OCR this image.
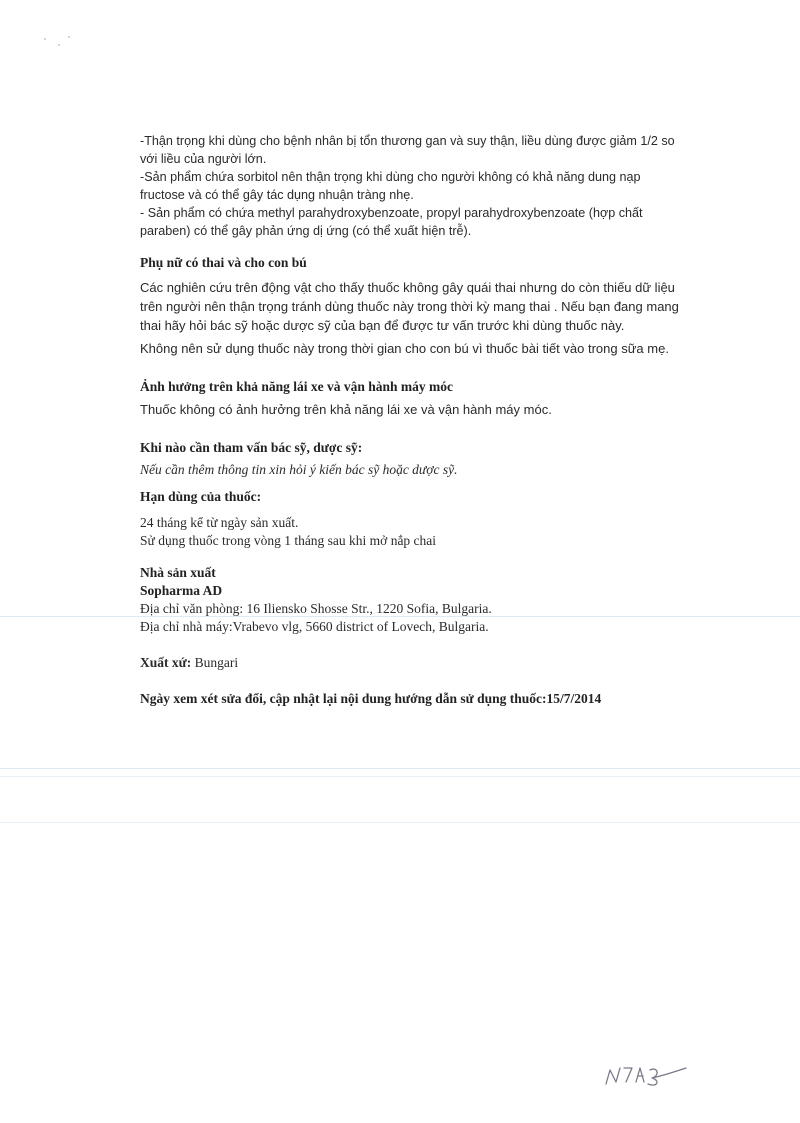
-Thận trọng khi dùng cho bệnh nhân bị tổn thương gan và suy thận, liều dùng được giảm 1/2 so với liều của người lớn.

-Sản phẩm chứa sorbitol nên thận trọng khi dùng cho người không có khả năng dung nạp fructose và có thể gây tác dụng nhuận tràng nhẹ.

- Sản phẩm có chứa methyl parahydroxybenzoate, propyl parahydroxybenzoate (hợp chất paraben) có thể gây phản ứng dị ứng (có thể xuất hiện trễ).

Phụ nữ có thai và cho con bú

Các nghiên cứu trên động vật cho thấy thuốc không gây quái thai nhưng do còn thiếu dữ liệu trên người nên thận trọng tránh dùng thuốc này trong thời kỳ mang thai . Nếu bạn đang mang thai hãy hỏi bác sỹ hoặc dược sỹ của bạn để được tư vấn trước khi dùng thuốc này.

Không nên sử dụng thuốc này trong thời gian cho con bú vì thuốc bài tiết vào trong sữa mẹ.

Ảnh hưởng trên khả năng lái xe và vận hành máy móc

Thuốc không có ảnh hưởng trên khả năng lái xe và vận hành máy móc.

Khi nào cần tham vấn bác sỹ, dược sỹ:

Nếu cần thêm thông tin xin hỏi ý kiến bác sỹ hoặc dược sỹ.

Hạn dùng của thuốc:

24 tháng kể từ ngày sản xuất.

Sử dụng thuốc trong vòng 1 tháng sau khi mở nắp chai

Nhà sản xuất

Sopharma AD

Địa chỉ văn phòng: 16 Iliensko Shosse Str., 1220 Sofia, Bulgaria.

Địa chỉ nhà máy:Vrabevo vlg, 5660 district of Lovech, Bulgaria.

Xuất xứ: Bungari

Ngày xem xét sửa đổi, cập nhật lại nội dung hướng dẫn sử dụng thuốc:15/7/2014
